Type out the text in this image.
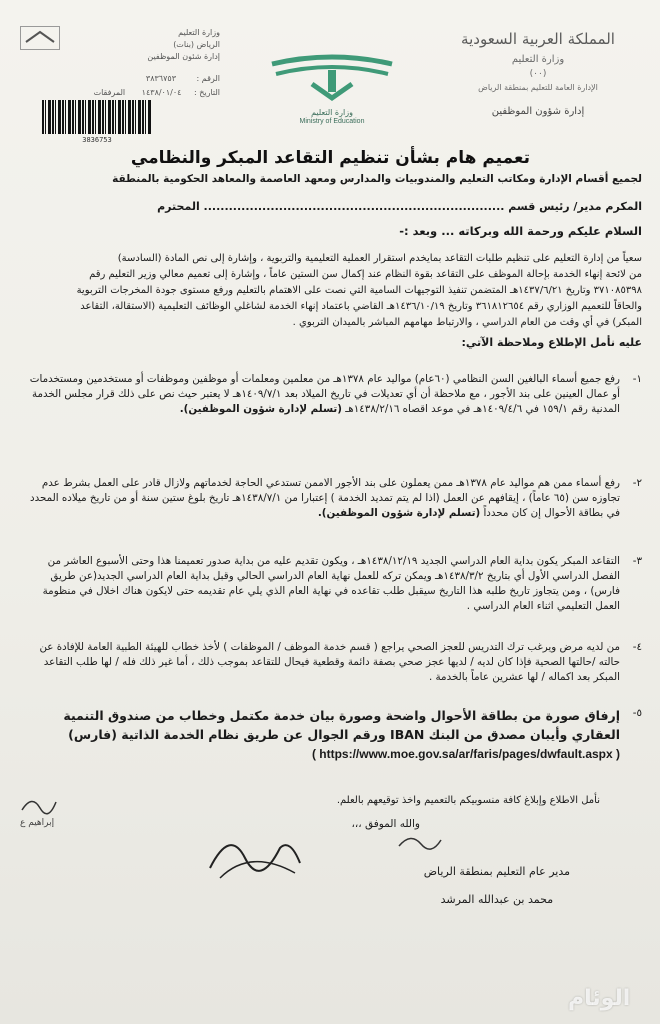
المملكة العربية السعودية
وزارة التعليم
(٠٠)
الإدارة العامة للتعليم بمنطقة الرياض
إدارة شؤون الموظفين
وزارة التعليم
Ministry of Education
وزارة التعليم
الرياض (بنات)
إدارة شئون الموظفين
الرقم : ٣٨٣٦٧٥٣
التاريخ : ١٤٣٨/٠١/٠٤ المرفقات
3836753
تعميم هام بشأن تنظيم التقاعد المبكر والنظامي
لجميع أقسام الإدارة ومكاتب التعليم والمندوبيات والمدارس ومعهد العاصمة والمعاهد الحكومية بالمنطقة
المكرم مدير/ رئيس قسم ........................................................................ المحترم
السلام عليكم ورحمة الله وبركاته ... وبعد :-
سعياً من إدارة التعليم على تنظيم طلبات التقاعد بمايخدم استقرار العملية التعليمية والتربوية ، وإشارة إلى نص المادة (السادسة)
من لائحة إنهاء الخدمة بإحالة الموظف على التقاعد بقوة النظام عند إكمال سن الستين عاماً ، وإشارة إلى تعميم معالي وزير التعليم رقم
٣٧١٠٨٥٣٩٨ وتاريخ ١٤٣٧/٦/٢١هـ المتضمن تنفيذ التوجيهات السامية التي نصت على الاهتمام بالتعليم ورفع مستوى جودة المخرجات التربوية
والحاقاً للتعميم الوزاري رقم ٣٦١٨١٢٦٥٤ وتاريخ ١٤٣٦/١٠/١٩هـ القاضي باعتماد إنهاء الخدمة لشاغلي الوظائف التعليمية (الاستقالة، التقاعد
المبكر) في أي وقت من العام الدراسي ، والارتباط مهامهم المباشر بالميدان التربوي .
عليه نأمل الإطلاع وملاحظة الآتي:
١-
رفع جميع أسماء البالغين السن النظامي (٦٠عام) مواليد عام ١٣٧٨هـ من معلمين ومعلمات أو موظفين وموظفات أو مستخدمين ومستخدمات أو عمال العينين على بند الأجور ، مع ملاحظة أن أي تعديلات في تاريخ الميلاد بعد ١٤٠٩/٧/١هـ لا يعتبر حيث نص على ذلك قرار مجلس الخدمة المدنية رقم ١٥٩/١ في ١٤٠٩/٤/٦هـ في موعد اقصاه ١٤٣٨/٢/١٦هـ (تسلم لإدارة شؤون الموظفين).
٢-
رفع أسماء ممن هم مواليد عام ١٣٧٨هـ ممن يعملون على بند الأجور الاممن تستدعي الحاجة لخدماتهم ولازال قادر على العمل بشرط عدم تجاوزه سن (٦٥ عاماً) ، إيقافهم عن العمل (اذا لم يتم تمديد الخدمة ) إعتبارا من ١٤٣٨/٧/١هـ تاريخ بلوغ ستين سنة أو من تاريخ ميلاده المحدد في بطاقة الأحوال إن كان محدداً (تسلم لإدارة شؤون الموظفين).
٣-
التقاعد المبكر يكون بداية العام الدراسي الجديد ١٤٣٨/١٢/١٩هـ ، ويكون تقديم عليه من بداية صدور تعميمنا هذا وحتى الأسبوع العاشر من الفصل الدراسي الأول أي بتاريخ ١٤٣٨/٣/٢هـ ويمكن تركه للعمل نهاية العام الدراسي الحالي وقبل بداية العام الدراسي الجديد(عن طريق فارس) ، ومن يتجاوز تاريخ طلبه هذا التاريخ سيقبل طلب تقاعده في نهاية العام الذي يلي عام تقديمه حتى لايكون هناك اخلال في منظومة العمل التعليمي اثناء العام الدراسي .
٤-
من لديه مرض ويرغب ترك التدريس للعجز الصحي يراجع ( قسم خدمة الموظف / الموظفات ) لأخذ خطاب للهيئة الطبية العامة للإفادة عن حالته /حالتها الصحية فإذا كان لديه / لديها عجز صحي بصفة دائمة وقطعية فيحال للتقاعد بموجب ذلك ، أما غير ذلك فله / لها طلب التقاعد المبكر بعد اكماله / لها عشرين عاماً بالخدمة .
٥-
إرفاق صورة من بطاقة الأحوال واضحة وصورة بيان خدمة مكتمل وخطاب من صندوق التنمية العقاري وأيبان مصدق من البنك IBAN ورقم الجوال عن طريق نظام الخدمة الذاتية (فارس)
( https://www.moe.gov.sa/ar/faris/pages/dwfault.aspx )
نأمل الاطلاع وإبلاغ كافة منسوبيكم بالتعميم واخذ توقيعهم بالعلم.
والله الموفق ،،،
مدير عام التعليم بمنطقة الرياض
محمد بن عبدالله المرشد
إبراهيم ع
الوئام
